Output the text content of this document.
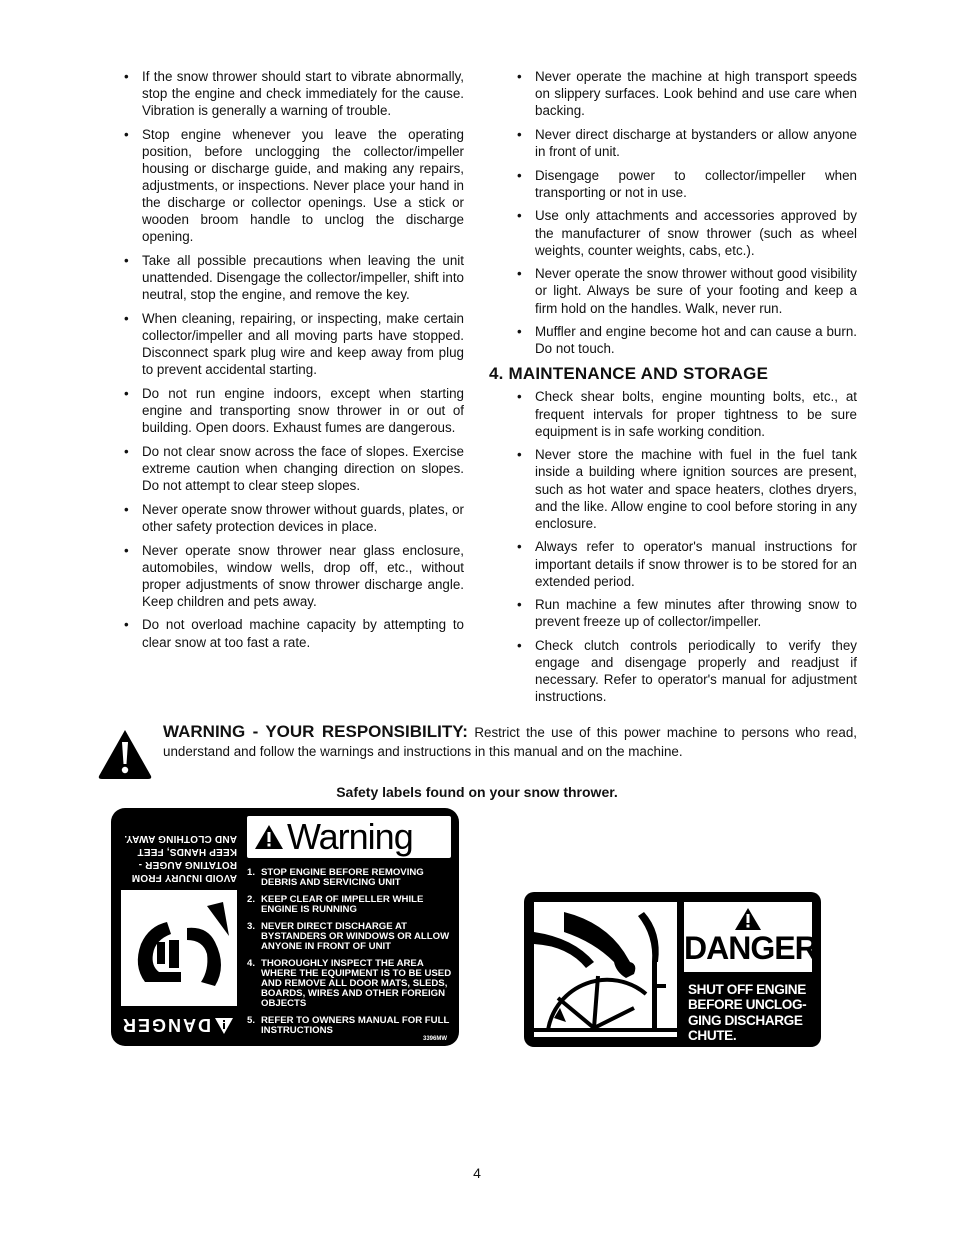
• If the snow thrower should start to vibrate abnormally, stop the engine and check immediately for the cause. Vibration is generally a warning of trouble.
• Stop engine whenever you leave the operating position, before unclogging the collector/impeller housing or discharge guide, and making any repairs, adjustments, or inspections. Never place your hand in the discharge or collector openings. Use a stick or wooden broom handle to unclog the discharge opening.
• Take all possible precautions when leaving the unit unattended. Disengage the collector/impeller, shift into neutral, stop the engine, and remove the key.
• When cleaning, repairing, or inspecting, make certain collector/impeller and all moving parts have stopped. Disconnect spark plug wire and keep away from plug to prevent accidental starting.
• Do not run engine indoors, except when starting engine and transporting snow thrower in or out of building. Open doors. Exhaust fumes are dangerous.
• Do not clear snow across the face of slopes. Exercise extreme caution when changing direction on slopes. Do not attempt to clear steep slopes.
• Never operate snow thrower without guards, plates, or other safety protection devices in place.
• Never operate snow thrower near glass enclosure, automobiles, window wells, drop off, etc., without proper adjustments of snow thrower discharge angle. Keep children and pets away.
• Do not overload machine capacity by attempting to clear snow at too fast a rate.
• Never operate the machine at high transport speeds on slippery surfaces. Look behind and use care when backing.
• Never direct discharge at bystanders or allow anyone in front of unit.
• Disengage power to collector/impeller when transporting or not in use.
• Use only attachments and accessories approved by the manufacturer of snow thrower (such as wheel weights, counter weights, cabs, etc.).
• Never operate the snow thrower without good visibility or light. Always be sure of your footing and keep a firm hold on the handles. Walk, never run.
• Muffler and engine become hot and can cause a burn. Do not touch.
4. MAINTENANCE AND STORAGE
• Check shear bolts, engine mounting bolts, etc., at frequent intervals for proper tightness to be sure equipment is in safe working condition.
• Never store the machine with fuel in the fuel tank inside a building where ignition sources are present, such as hot water and space heaters, clothes dryers, and the like. Allow engine to cool before storing in any enclosure.
• Always refer to operator's manual instructions for important details if snow thrower is to be stored for an extended period.
• Run machine a few minutes after throwing snow to prevent freeze up of collector/impeller.
• Check clutch controls periodically to verify they engage and disengage properly and readjust if necessary. Refer to operator's manual for adjustment instructions.
WARNING - YOUR RESPONSIBILITY: Restrict the use of this power machine to persons who read, understand and follow the warnings and instructions in this manual and on the machine.
Safety labels found on your snow thrower.
DANGER
AVOID INJURY FROM ROTATING AUGER - KEEP HANDS, FEET AND CLOTHING AWAY. Warning
1. STOP ENGINE BEFORE REMOVING DEBRIS AND SERVICING UNIT
2. KEEP CLEAR OF IMPELLER WHILE ENGINE IS RUNNING
3. NEVER DIRECT DISCHARGE AT BYSTANDERS OR WINDOWS OR ALLOW ANYONE IN FRONT OF UNIT
4. THOROUGHLY INSPECT THE AREA WHERE THE EQUIPMENT IS TO BE USED AND REMOVE ALL DOOR MATS, SLEDS, BOARDS, WIRES AND OTHER FOREIGN OBJECTS
5. REFER TO OWNERS MANUAL FOR FULL INSTRUCTIONS
3396MW
DANGER
SHUT OFF ENGINE BEFORE UNCLOG-GING DISCHARGE CHUTE.
4
